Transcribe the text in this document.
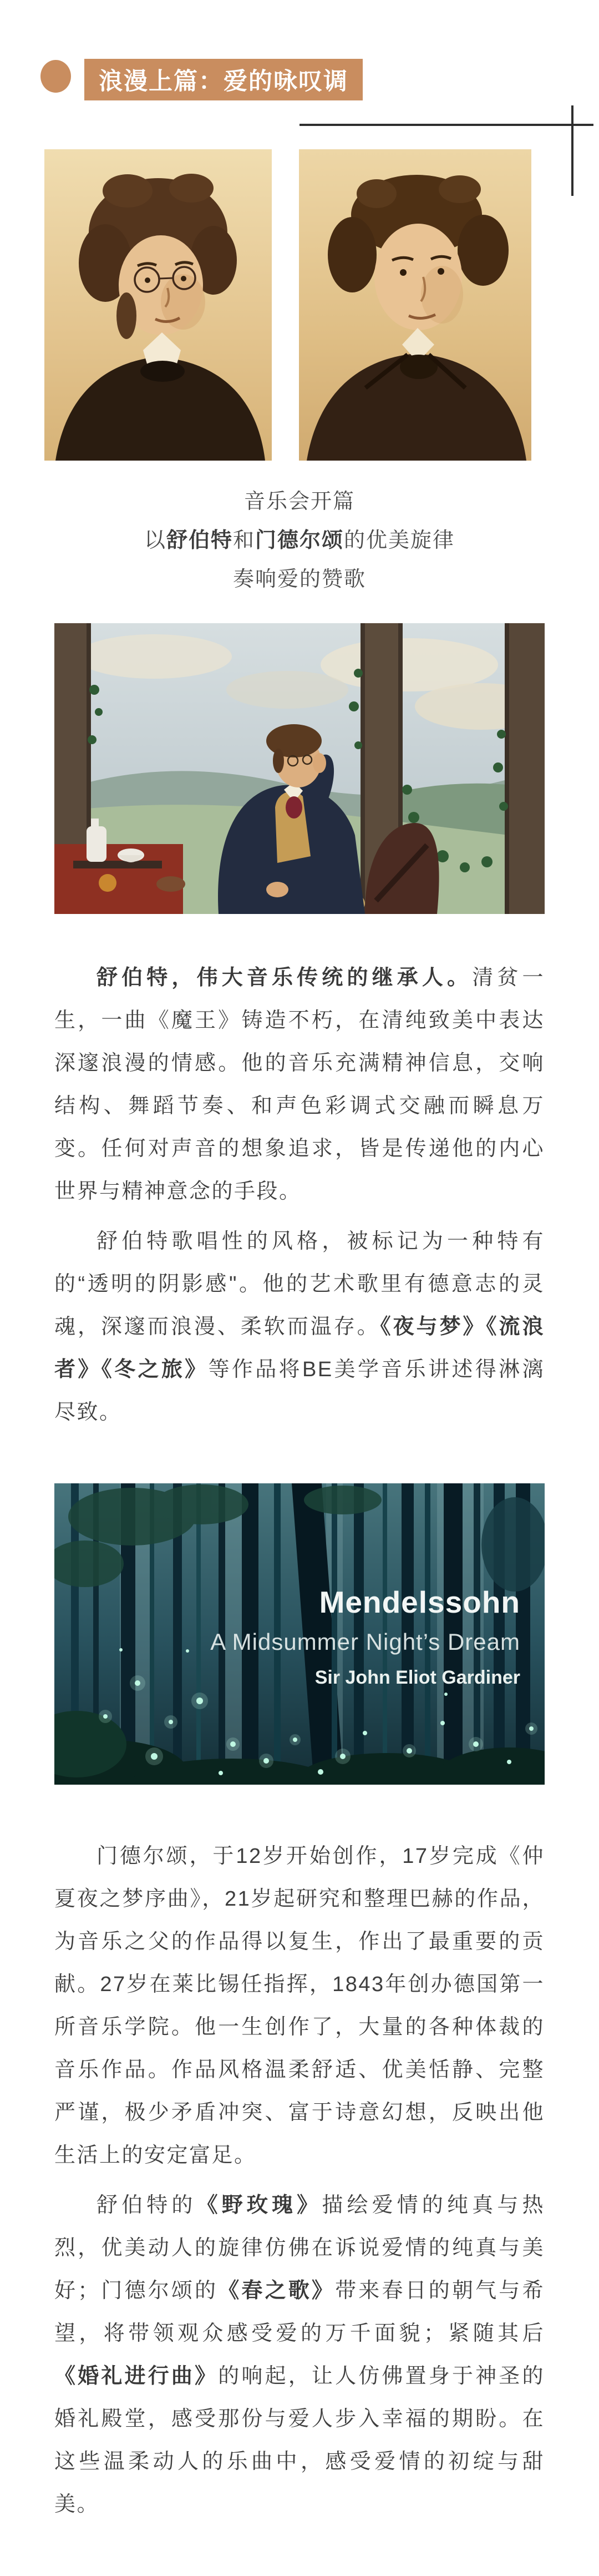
浪漫上篇：爱的咏叹调
音乐会开篇
以舒伯特和门德尔颂的优美旋律
奏响爱的赞歌

舒伯特，伟大音乐传统的继承人。清贫一生，一曲《魔王》铸造不朽，在清纯致美中表达深邃浪漫的情感。他的音乐充满精神信息，交响结构、舞蹈节奏、和声色彩调式交融而瞬息万变。任何对声音的想象追求，皆是传递他的内心世界与精神意念的手段。

舒伯特歌唱性的风格，被标记为一种特有的“透明的阴影感"。他的艺术歌里有德意志的灵魂，深邃而浪漫、柔软而温存。《夜与梦》《流浪者》《冬之旅》等作品将BE美学音乐讲述得淋漓尽致。

Mendelssohn
A Midsummer Night’s Dream
Sir John Eliot Gardiner

门德尔颂，于12岁开始创作，17岁完成《仲夏夜之梦序曲》，21岁起研究和整理巴赫的作品，为音乐之父的作品得以复生，作出了最重要的贡献。27岁在莱比锡任指挥，1843年创办德国第一所音乐学院。他一生创作了，大量的各种体裁的音乐作品。作品风格温柔舒适、优美恬静、完整严谨，极少矛盾冲突、富于诗意幻想，反映出他生活上的安定富足。

舒伯特的《野玫瑰》描绘爱情的纯真与热烈，优美动人的旋律仿佛在诉说爱情的纯真与美好；门德尔颂的《春之歌》带来春日的朝气与希望，将带领观众感受爱的万千面貌；紧随其后《婚礼进行曲》的响起，让人仿佛置身于神圣的婚礼殿堂，感受那份与爱人步入幸福的期盼。在这些温柔动人的乐曲中，感受爱情的初绽与甜美。
